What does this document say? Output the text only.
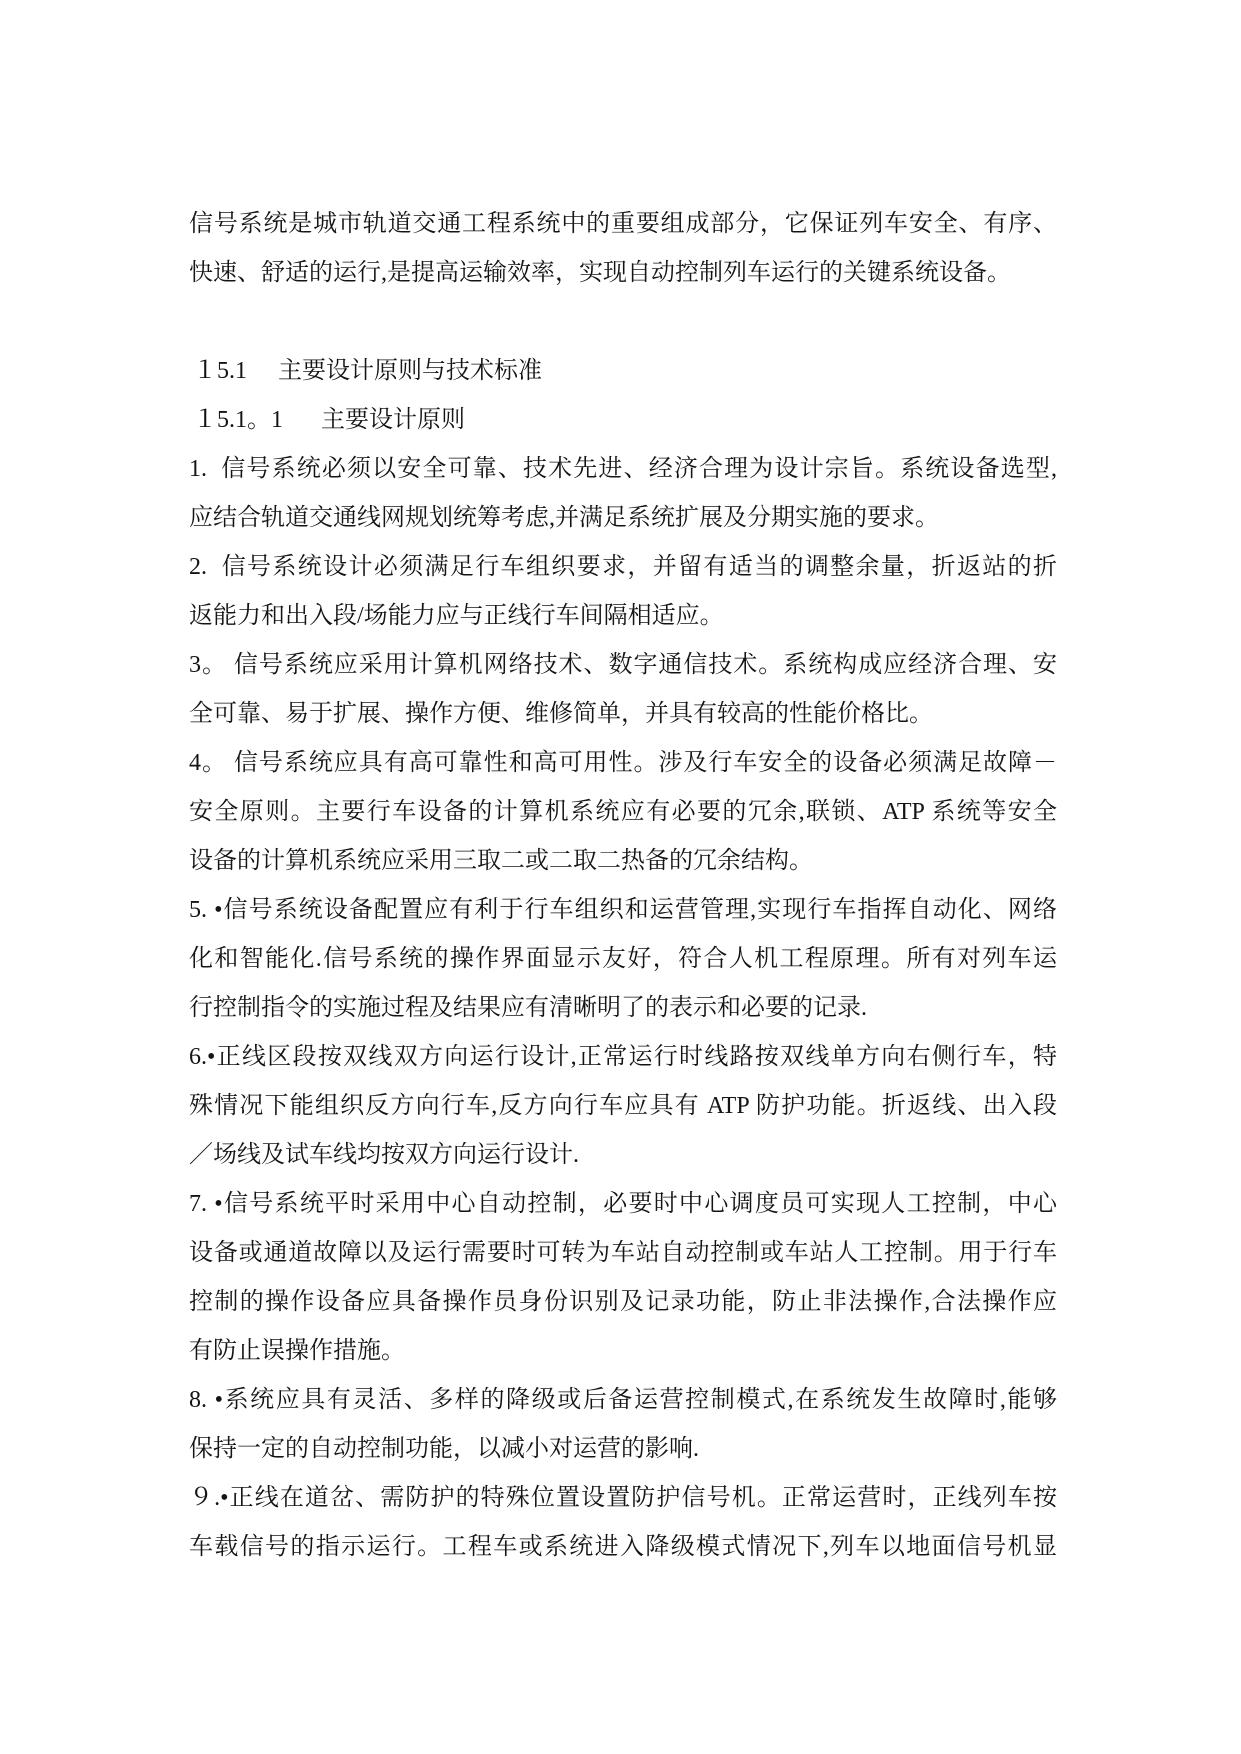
信号系统是城市轨道交通工程系统中的重要组成部分，它保证列车安全、有序、
快速、舒适的运行,是提高运输效率，实现自动控制列车运行的关键系统设备。
１5.1 主要设计原则与技术标准
１5.1。1 主要设计原则
1.  信号系统必须以安全可靠、技术先进、经济合理为设计宗旨。系统设备选型,
应结合轨道交通线网规划统筹考虑,并满足系统扩展及分期实施的要求。
2.  信号系统设计必须满足行车组织要求，并留有适当的调整余量，折返站的折
返能力和出入段/场能力应与正线行车间隔相适应。
3。 信号系统应采用计算机网络技术、数字通信技术。系统构成应经济合理、安
全可靠、易于扩展、操作方便、维修简单，并具有较高的性能价格比。
4。 信号系统应具有高可靠性和高可用性。涉及行车安全的设备必须满足故障－
安全原则。主要行车设备的计算机系统应有必要的冗余,联锁、ATP 系统等安全
设备的计算机系统应采用三取二或二取二热备的冗余结构。
5. •信号系统设备配置应有利于行车组织和运营管理,实现行车指挥自动化、网络
化和智能化.信号系统的操作界面显示友好，符合人机工程原理。所有对列车运
行控制指令的实施过程及结果应有清晰明了的表示和必要的记录.
6.•正线区段按双线双方向运行设计,正常运行时线路按双线单方向右侧行车，特
殊情况下能组织反方向行车,反方向行车应具有 ATP 防护功能。折返线、出入段
／场线及试车线均按双方向运行设计.
7. •信号系统平时采用中心自动控制，必要时中心调度员可实现人工控制，中心
设备或通道故障以及运行需要时可转为车站自动控制或车站人工控制。用于行车
控制的操作设备应具备操作员身份识别及记录功能，防止非法操作,合法操作应
有防止误操作措施。
8. •系统应具有灵活、多样的降级或后备运营控制模式,在系统发生故障时,能够
保持一定的自动控制功能，以减小对运营的影响.
９.•正线在道岔、需防护的特殊位置设置防护信号机。正常运营时，正线列车按
车载信号的指示运行。工程车或系统进入降级模式情况下,列车以地面信号机显
